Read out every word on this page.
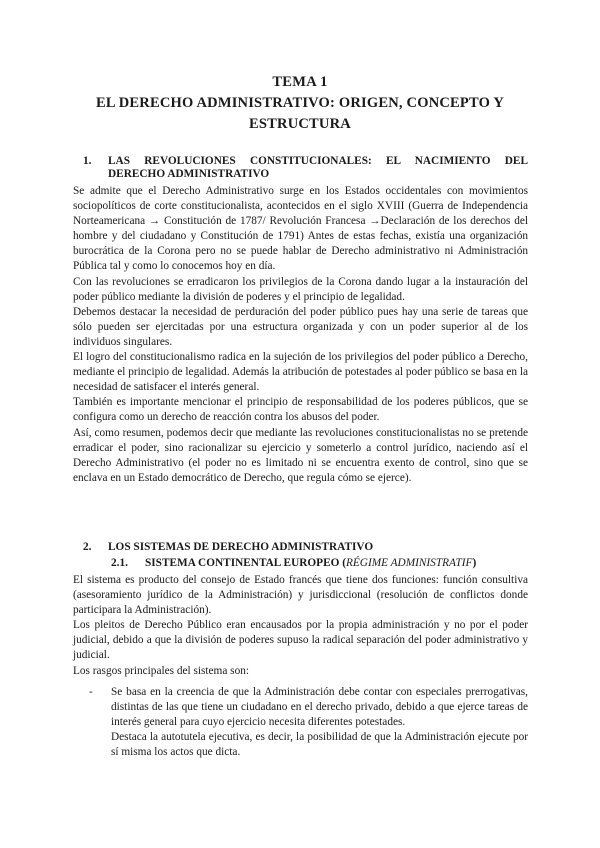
TEMA 1
EL DERECHO ADMINISTRATIVO: ORIGEN, CONCEPTO Y ESTRUCTURA
1. LAS REVOLUCIONES CONSTITUCIONALES: EL NACIMIENTO DEL DERECHO ADMINISTRATIVO

Se admite que el Derecho Administrativo surge en los Estados occidentales con movimientos sociopolíticos de corte constitucionalista, acontecidos en el siglo XVIII (Guerra de Independencia Norteamericana → Constitución de 1787/ Revolución Francesa →Declaración de los derechos del hombre y del ciudadano y Constitución de 1791) Antes de estas fechas, existía una organización burocrática de la Corona pero no se puede hablar de Derecho administrativo ni Administración Pública tal y como lo conocemos hoy en día.

Con las revoluciones se erradicaron los privilegios de la Corona dando lugar a la instauración del poder público mediante la división de poderes y el principio de legalidad.

Debemos destacar la necesidad de perduración del poder público pues hay una serie de tareas que sólo pueden ser ejercitadas por una estructura organizada y con un poder superior al de los individuos singulares.

El logro del constitucionalismo radica en la sujeción de los privilegios del poder público a Derecho, mediante el principio de legalidad. Además la atribución de potestades al poder público se basa en la necesidad de satisfacer el interés general.

También es importante mencionar el principio de responsabilidad de los poderes públicos, que se configura como un derecho de reacción contra los abusos del poder.

Así, como resumen, podemos decir que mediante las revoluciones constitucionalistas no se pretende erradicar el poder, sino racionalizar su ejercicio y someterlo a control jurídico, naciendo así el Derecho Administrativo (el poder no es limitado ni se encuentra exento de control, sino que se enclava en un Estado democrático de Derecho, que regula cómo se ejerce).

2. LOS SISTEMAS DE DERECHO ADMINISTRATIVO
2.1. SISTEMA CONTINENTAL EUROPEO (RÉGIME ADMINISTRATIF)

El sistema es producto del consejo de Estado francés que tiene dos funciones: función consultiva (asesoramiento jurídico de la Administración) y jurisdiccional (resolución de conflictos donde participara la Administración).

Los pleitos de Derecho Público eran encausados por la propia administración y no por el poder judicial, debido a que la división de poderes supuso la radical separación del poder administrativo y judicial.

Los rasgos principales del sistema son:

- Se basa en la creencia de que la Administración debe contar con especiales prerrogativas, distintas de las que tiene un ciudadano en el derecho privado, debido a que ejerce tareas de interés general para cuyo ejercicio necesita diferentes potestades.

Destaca la autotutela ejecutiva, es decir, la posibilidad de que la Administración ejecute por sí misma los actos que dicta.
